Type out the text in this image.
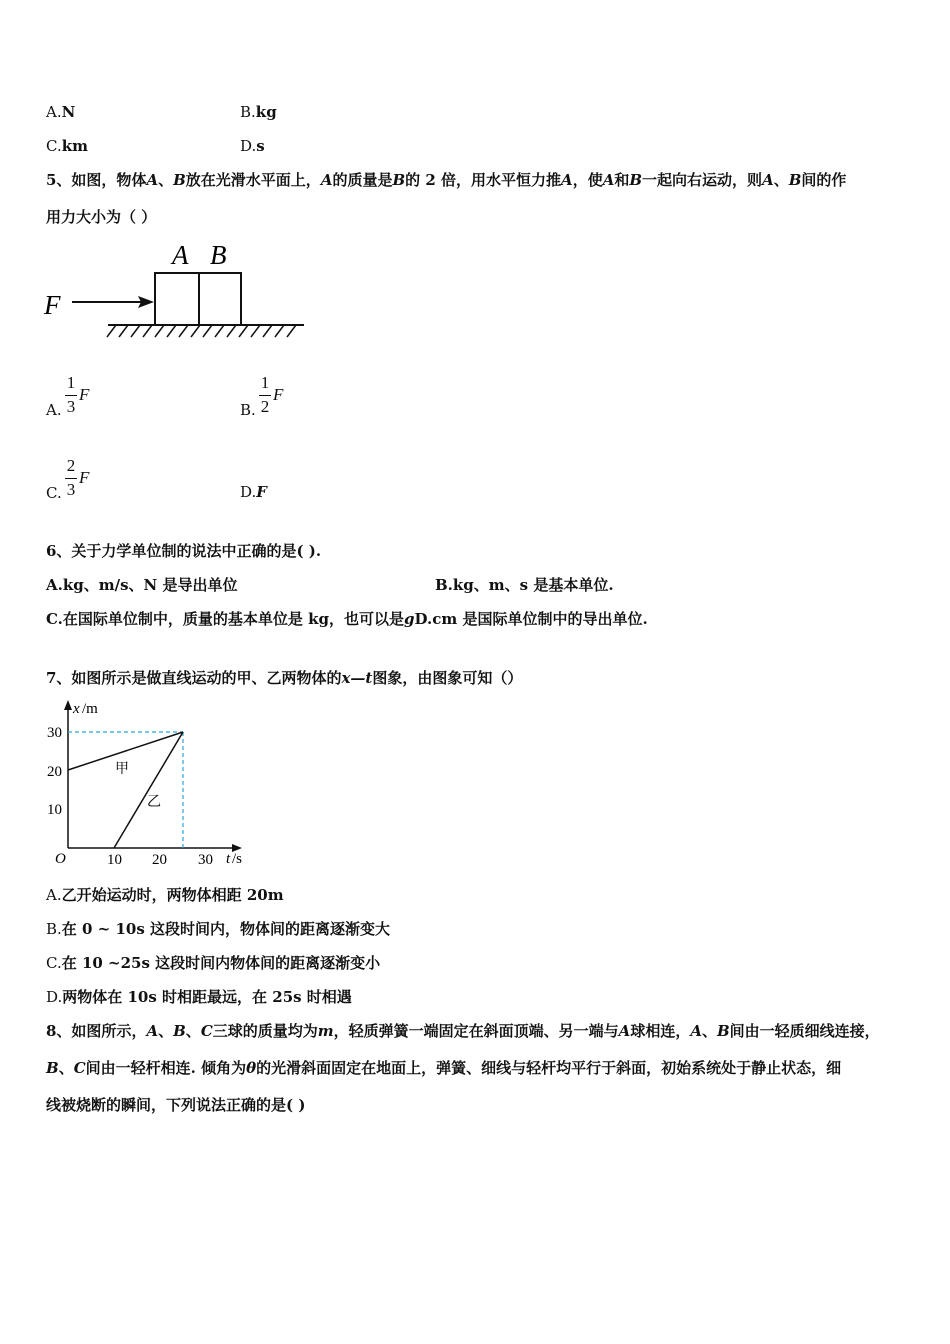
A.N	B.kg
C.km	D.s
5、如图，物体A、B放在光滑水平面上，A的质量是B的 2 倍，用水平恒力推A，使A和B一起向右运动，则A、B间的作
用力大小为（ ）
A B
F
A.
1
3
F
B.
1
2
F
C.
2
3
F
D.F
6、关于力学单位制的说法中正确的是( ).
A.kg、m/s、N 是导出单位	B.kg、m、s 是基本单位.
C.在国际单位制中，质量的基本单位是 kg，也可以是gD.cm 是国际单位制中的导出单位.
7、如图所示是做直线运动的甲、乙两物体的x—t图象，由图象可知（）
x /m
t /s
O
10
20
30
10 20 30
甲
乙
A.乙开始运动时，两物体相距 20m
B.在 0 ~ 10s 这段时间内，物体间的距离逐渐变大
C.在 10 ~25s 这段时间内物体间的距离逐渐变小
D.两物体在 10s 时相距最远，在 25s 时相遇
8、如图所示，A、B、C三球的质量均为m，轻质弹簧一端固定在斜面顶端、另一端与A球相连，A、B间由一轻质细线连接，
B、C间由一轻杆相连. 倾角为θ的光滑斜面固定在地面上，弹簧、细线与轻杆均平行于斜面，初始系统处于静止状态，细
线被烧断的瞬间，下列说法正确的是( )
